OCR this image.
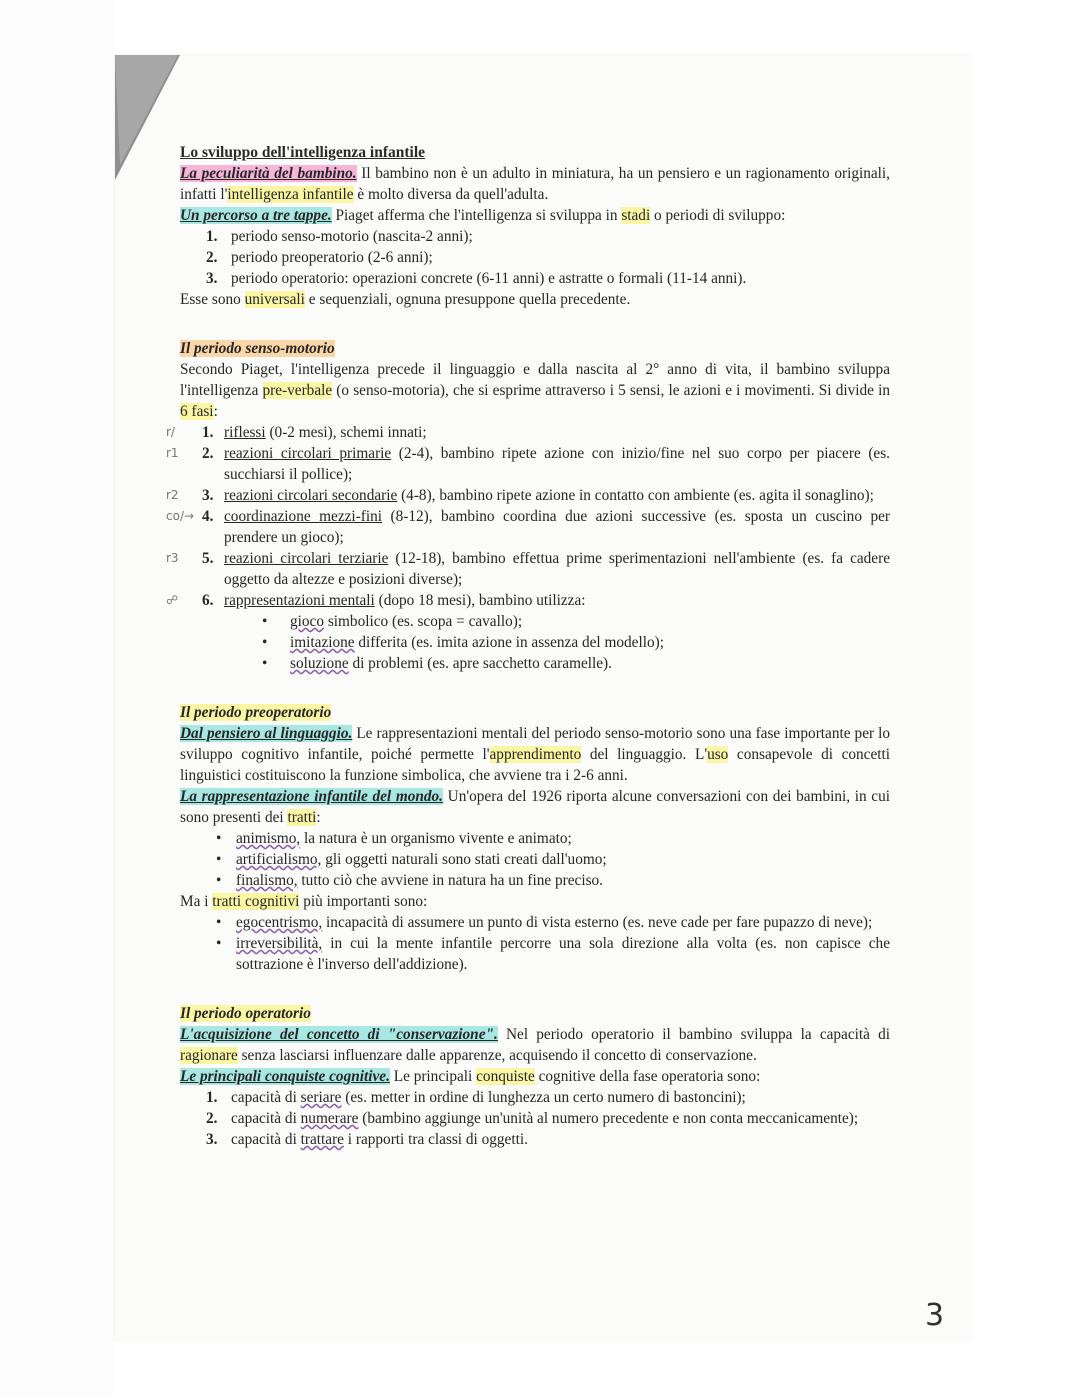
Lo sviluppo dell'intelligenza infantile
La peculiarità del bambino. Il bambino non è un adulto in miniatura, ha un pensiero e un ragionamento originali, infatti l'intelligenza infantile è molto diversa da quell'adulta.
Un percorso a tre tappe. Piaget afferma che l'intelligenza si sviluppa in stadi o periodi di sviluppo:
1. periodo senso-motorio (nascita-2 anni);
2. periodo preoperatorio (2-6 anni);
3. periodo operatorio: operazioni concrete (6-11 anni) e astratte o formali (11-14 anni).
Esse sono universali e sequenziali, ognuna presuppone quella precedente.
Il periodo senso-motorio
Secondo Piaget, l'intelligenza precede il linguaggio e dalla nascita al 2° anno di vita, il bambino sviluppa l'intelligenza pre-verbale (o senso-motoria), che si esprime attraverso i 5 sensi, le azioni e i movimenti. Si divide in 6 fasi:
r/	1. riflessi (0-2 mesi), schemi innati;
r1	2. reazioni circolari primarie (2-4), bambino ripete azione con inizio/fine nel suo corpo per piacere (es. succhiarsi il pollice);
r2	3. reazioni circolari secondarie (4-8), bambino ripete azione in contatto con ambiente (es. agita il sonaglino);
co/→ 4. coordinazione mezzi-fini (8-12), bambino coordina due azioni successive (es. sposta un cuscino per prendere un gioco);
r3	5. reazioni circolari terziarie (12-18), bambino effettua prime sperimentazioni nell'ambiente (es. fa cadere oggetto da altezze e posizioni diverse);
☍	6. rappresentazioni mentali (dopo 18 mesi), bambino utilizza:
•	gioco simbolico (es. scopa = cavallo);
•	imitazione differita (es. imita azione in assenza del modello);
•	soluzione di problemi (es. apre sacchetto caramelle).
Il periodo preoperatorio
Dal pensiero al linguaggio. Le rappresentazioni mentali del periodo senso-motorio sono una fase importante per lo sviluppo cognitivo infantile, poiché permette l'apprendimento del linguaggio. L'uso consapevole di concetti linguistici costituiscono la funzione simbolica, che avviene tra i 2-6 anni.
La rappresentazione infantile del mondo. Un'opera del 1926 riporta alcune conversazioni con dei bambini, in cui sono presenti dei tratti:
• animismo, la natura è un organismo vivente e animato;
• artificialismo, gli oggetti naturali sono stati creati dall'uomo;
• finalismo, tutto ciò che avviene in natura ha un fine preciso.
Ma i tratti cognitivi più importanti sono:
• egocentrismo, incapacità di assumere un punto di vista esterno (es. neve cade per fare pupazzo di neve);
• irreversibilità, in cui la mente infantile percorre una sola direzione alla volta (es. non capisce che sottrazione è l'inverso dell'addizione).
Il periodo operatorio
L'acquisizione del concetto di "conservazione". Nel periodo operatorio il bambino sviluppa la capacità di ragionare senza lasciarsi influenzare dalle apparenze, acquisendo il concetto di conservazione.
Le principali conquiste cognitive. Le principali conquiste cognitive della fase operatoria sono:
1. capacità di seriare (es. metter in ordine di lunghezza un certo numero di bastoncini);
2. capacità di numerare (bambino aggiunge un'unità al numero precedente e non conta meccanicamente);
3. capacità di trattare i rapporti tra classi di oggetti.
3
